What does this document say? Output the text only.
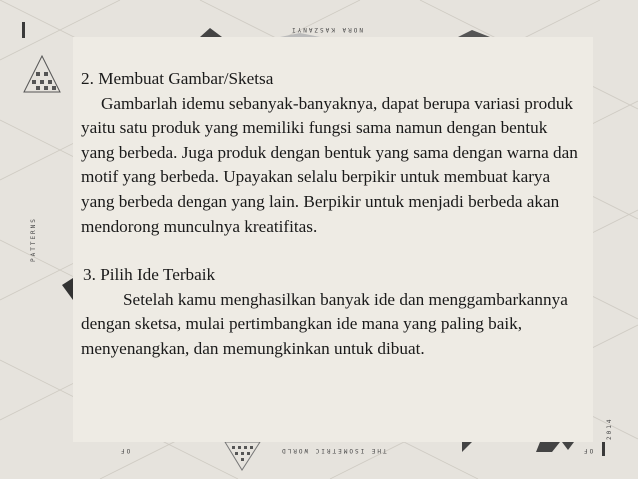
NORA KASZANYI
PATTERNS
OF	THE ISOMETRIC WORLD	OF
2014

2. Membuat Gambar/Sketsa

Gambarlah idemu sebanyak-banyaknya, dapat berupa variasi produk yaitu satu produk yang memiliki fungsi sama namun dengan bentuk yang berbeda. Juga produk dengan bentuk yang sama dengan warna dan motif yang berbeda. Upayakan selalu berpikir untuk membuat karya yang berbeda dengan yang lain. Berpikir untuk menjadi berbeda akan mendorong munculnya kreatifitas.

3. Pilih Ide Terbaik

Setelah kamu menghasilkan banyak ide dan menggambarkannya dengan sketsa, mulai pertimbangkan ide mana yang paling baik, menyenangkan, dan memungkinkan untuk dibuat.
